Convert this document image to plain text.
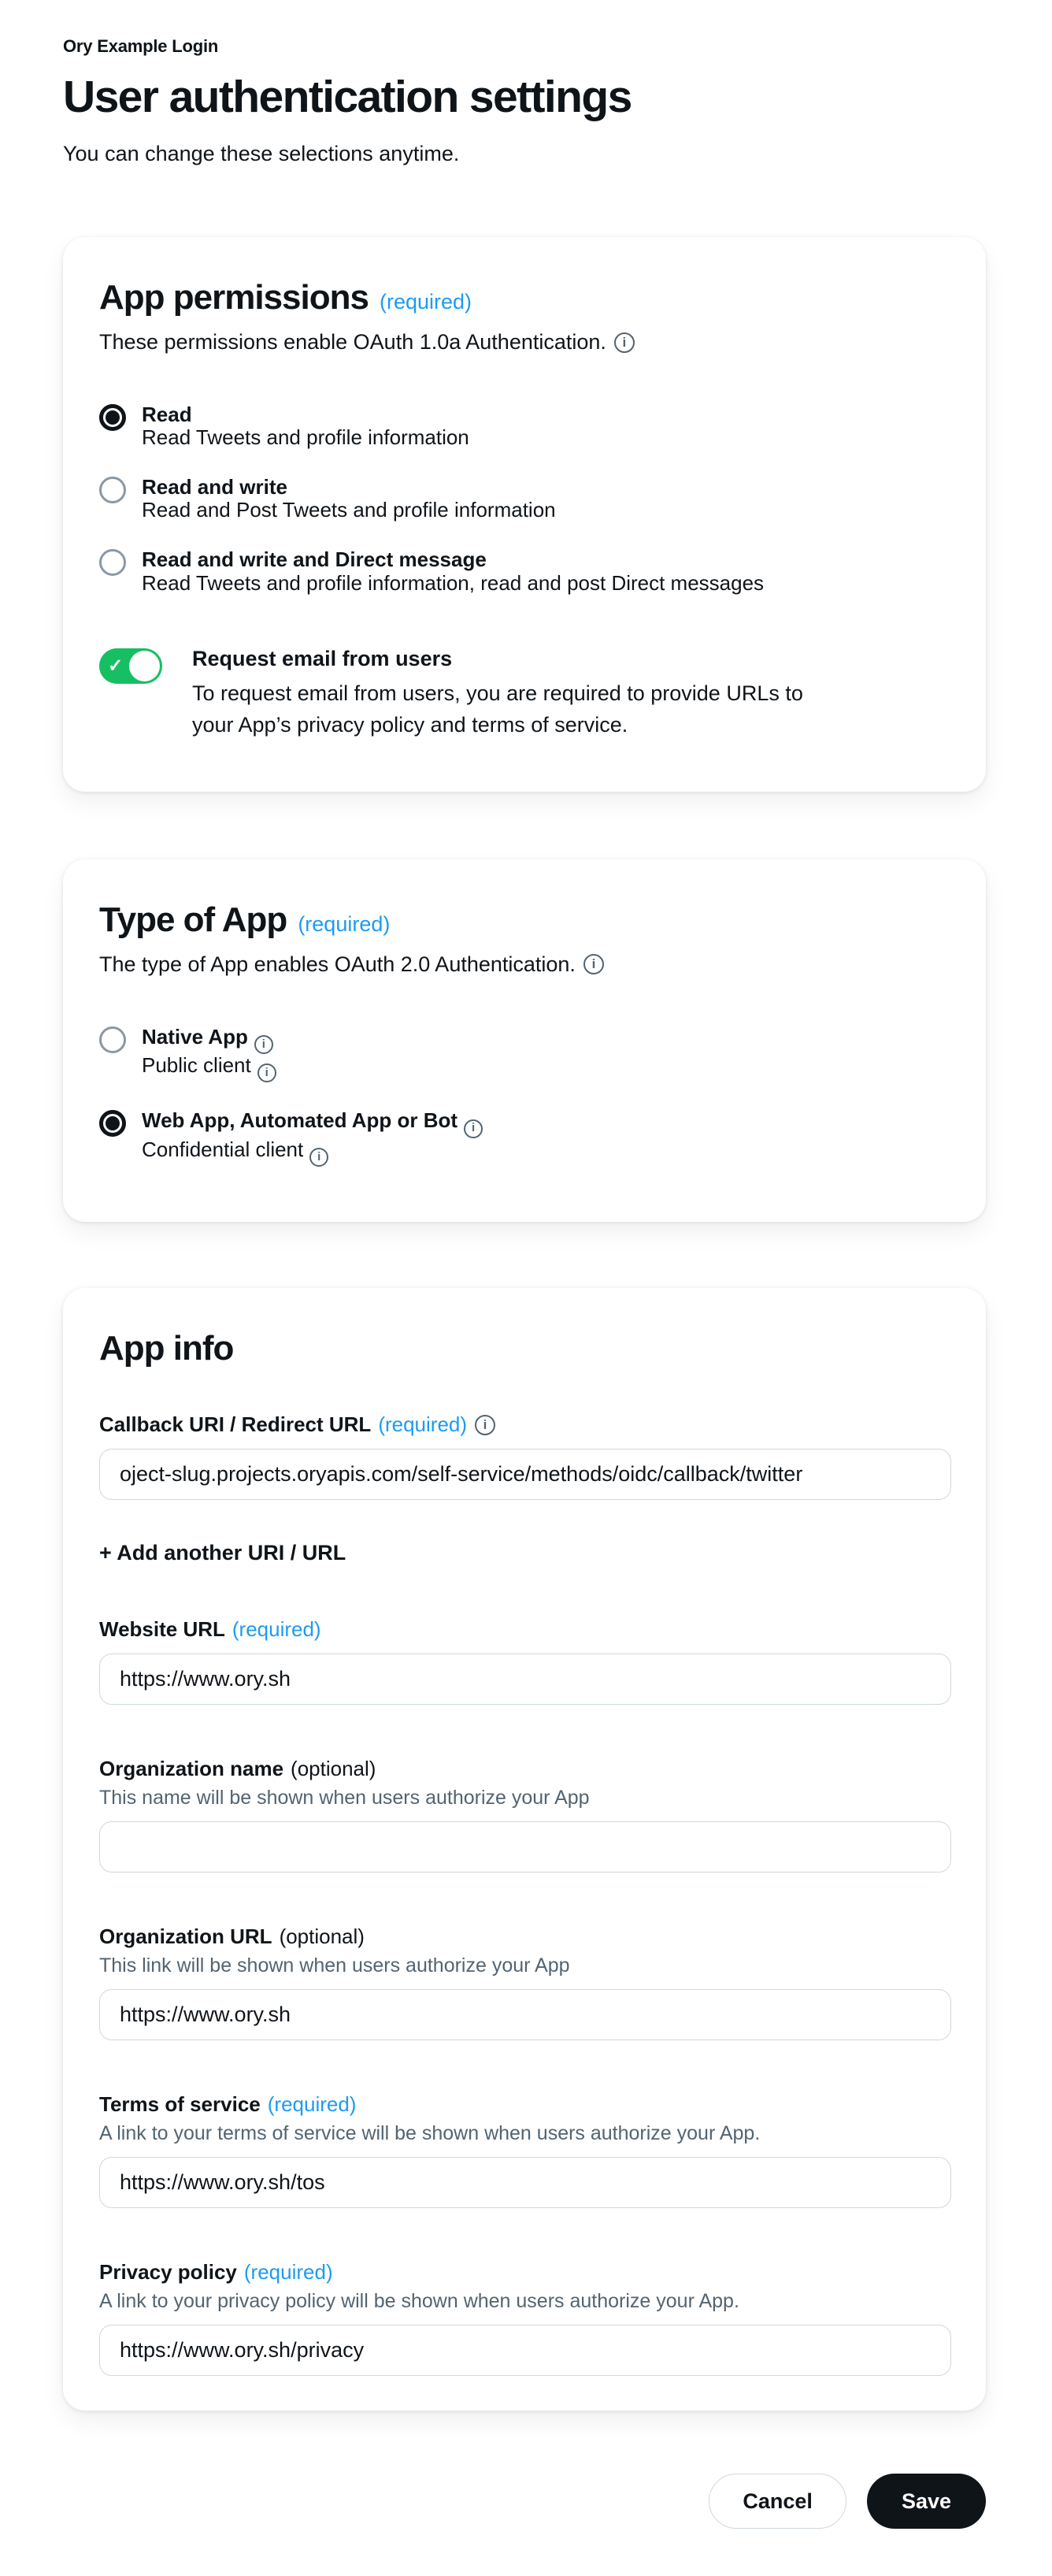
Ory Example Login
User authentication settings
You can change these selections anytime.
App permissions (required)
These permissions enable OAuth 1.0a Authentication.	i
Read
Read Tweets and profile information
Read and write
Read and Post Tweets and profile information
Read and write and Direct message
Read Tweets and profile information, read and post Direct messages
✓	Request email from users
To request email from users, you are required to provide URLs to your App’s privacy policy and terms of service.
Type of App (required)
The type of App enables OAuth 2.0 Authentication.	i
Native App i
Public client i
Web App, Automated App or Bot i
Confidential client i
App info
Callback URI / Redirect URL (required)	i
roject-slug.projects.oryapis.com/self-service/methods/oidc/callback/twitter
+ Add another URI / URL
Website URL (required)
https://www.ory.sh
Organization name (optional)
This name will be shown when users authorize your App
Organization URL (optional)
This link will be shown when users authorize your App
https://www.ory.sh
Terms of service (required)
A link to your terms of service will be shown when users authorize your App.
https://www.ory.sh/tos
Privacy policy (required)
A link to your privacy policy will be shown when users authorize your App.
https://www.ory.sh/privacy
Cancel	Save
